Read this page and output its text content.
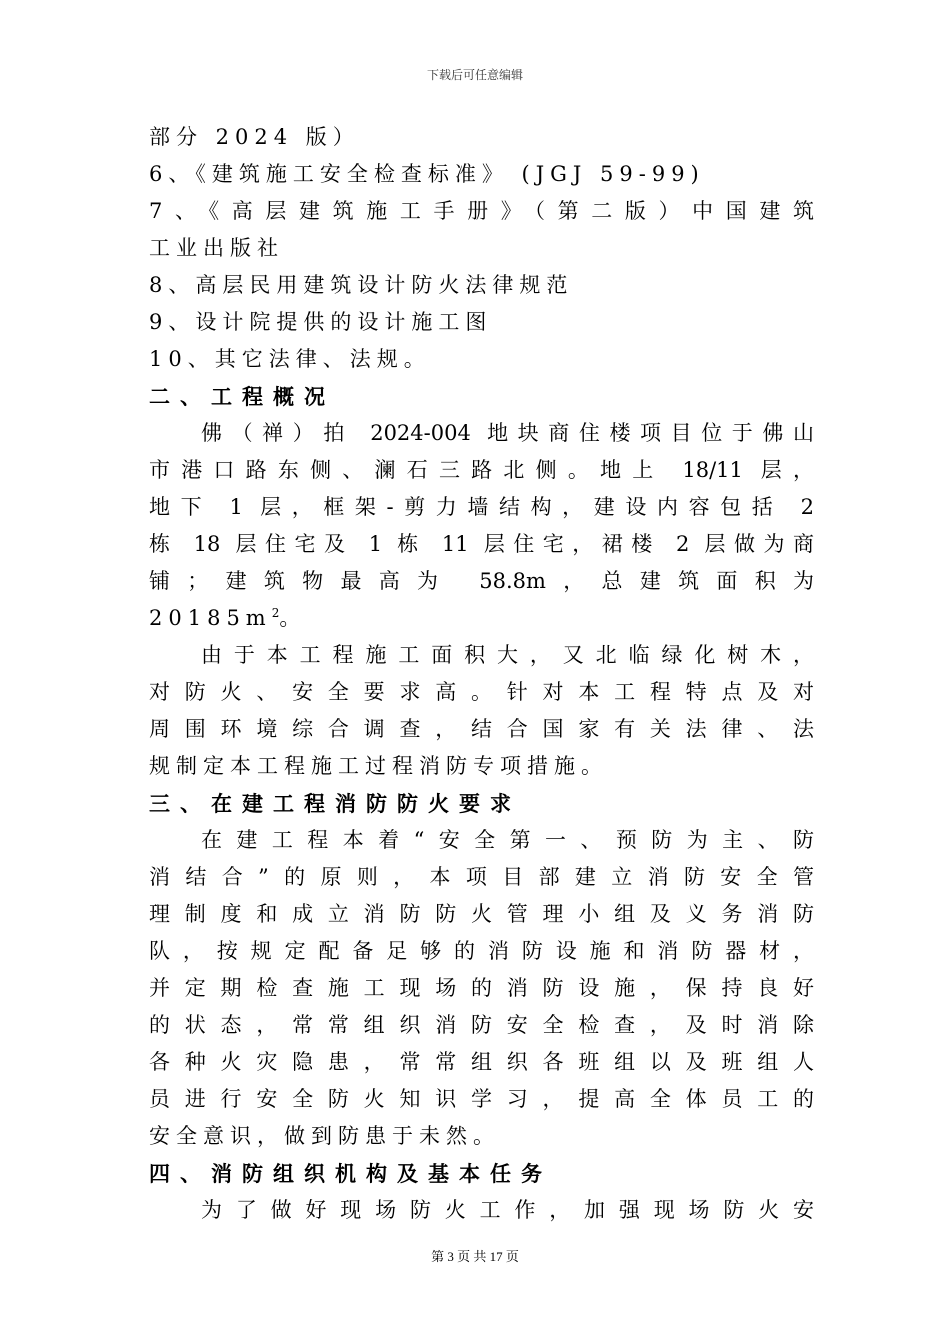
下载后可任意编辑
部分 2024 版）
6、《建筑施工安全检查标准》 (JGJ 59-99)
7、《高层建筑施工手册》（第二版）中国建筑
工业出版社
8、高层民用建筑设计防火法律规范
9、设计院提供的设计施工图
10、其它法律、法规。
二、工程概况
佛（禅）拍 2024-004 地块商住楼项目位于佛山
市港口路东侧、澜石三路北侧。地上 18/11 层，
地下 1 层，框架-剪力墙结构，建设内容包括 2
栋 18 层住宅及 1 栋 11 层住宅，裙楼 2 层做为商
铺；建筑物最高为 58.8m，总建筑面积为
$20185m^2$。
由于本工程施工面积大，又北临绿化树木，
对防火、安全要求高。针对本工程特点及对
周围环境综合调查，结合国家有关法律、法
规制定本工程施工过程消防专项措施。
三、在建工程消防防火要求
在建工程本着“安全第一、预防为主、防
消结合”的原则，本项目部建立消防安全管
理制度和成立消防防火管理小组及义务消防
队，按规定配备足够的消防设施和消防器材，
并定期检查施工现场的消防设施，保持良好
的状态，常常组织消防安全检查，及时消除
各种火灾隐患，常常组织各班组以及班组人
员进行安全防火知识学习，提高全体员工的
安全意识，做到防患于未然。
四、消防组织机构及基本任务
为了做好现场防火工作，加强现场防火安
第 3 页 共 17 页
